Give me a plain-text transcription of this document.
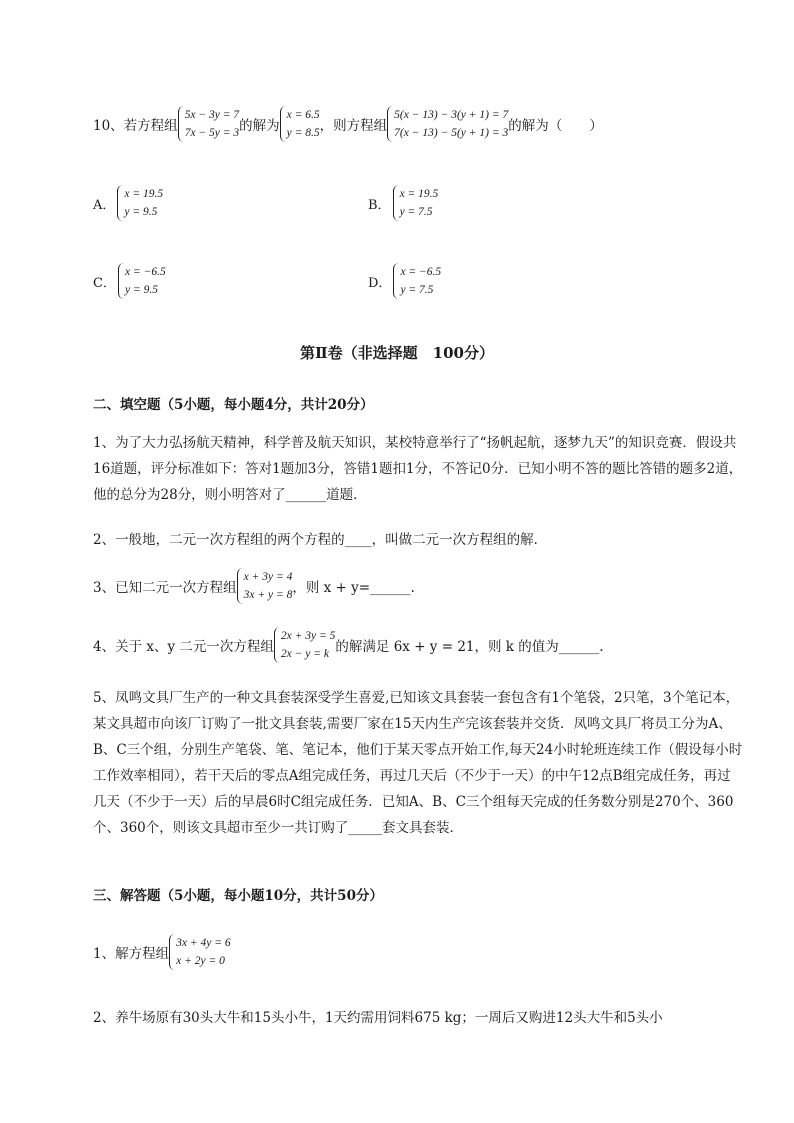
10、若方程组
5x − 3y = 7
7x − 5y = 3 的解为
x = 6.5
y = 8.5 ，则方程组
5(x − 13) − 3(y + 1) = 7
7(x − 13) − 5(y + 1) = 3 的解为（　　）
A．
x = 19.5
y = 9.5	B．
x = 19.5
y = 7.5
C．
x = −6.5
y = 9.5	D．
x = −6.5
y = 7.5
第Ⅱ卷（非选择题　100分）
二、填空题（5小题，每小题4分，共计20分）
1、为了大力弘扬航天精神，科学普及航天知识，某校特意举行了“扬帆起航，逐梦九天”的知识竞赛．假设共16道题，评分标准如下：答对1题加3分，答错1题扣1分，不答记0分．已知小明不答的题比答错的题多2道，他的总分为28分，则小明答对了______道题．
2、一般地，二元一次方程组的两个方程的____，叫做二元一次方程组的解．
3、已知二元一次方程组
x + 3y = 4
3x + y = 8 ，则 x + y=______.
4、关于 x、y 二元一次方程组
2x + 3y = 5
2x − y = k 的解满足 6x + y = 21，则 k 的值为______.
5、凤鸣文具厂生产的一种文具套装深受学生喜爱,已知该文具套装一套包含有1个笔袋，2只笔，3个笔记本，某文具超市向该厂订购了一批文具套装,需要厂家在15天内生产完该套装并交货．凤鸣文具厂将员工分为A、B、C三个组，分别生产笔袋、笔、笔记本，他们于某天零点开始工作,每天24小时轮班连续工作（假设每小时工作效率相同），若干天后的零点A组完成任务，再过几天后（不少于一天）的中午12点B组完成任务，再过几天（不少于一天）后的早晨6时C组完成任务．已知A、B、C三个组每天完成的任务数分别是270个、360个、360个，则该文具超市至少一共订购了_____套文具套装．
三、解答题（5小题，每小题10分，共计50分）
1、解方程组
3x + 4y = 6
x + 2y = 0
2、养牛场原有30头大牛和15头小牛，1天约需用饲料675 kg；一周后又购进12头大牛和5头小
